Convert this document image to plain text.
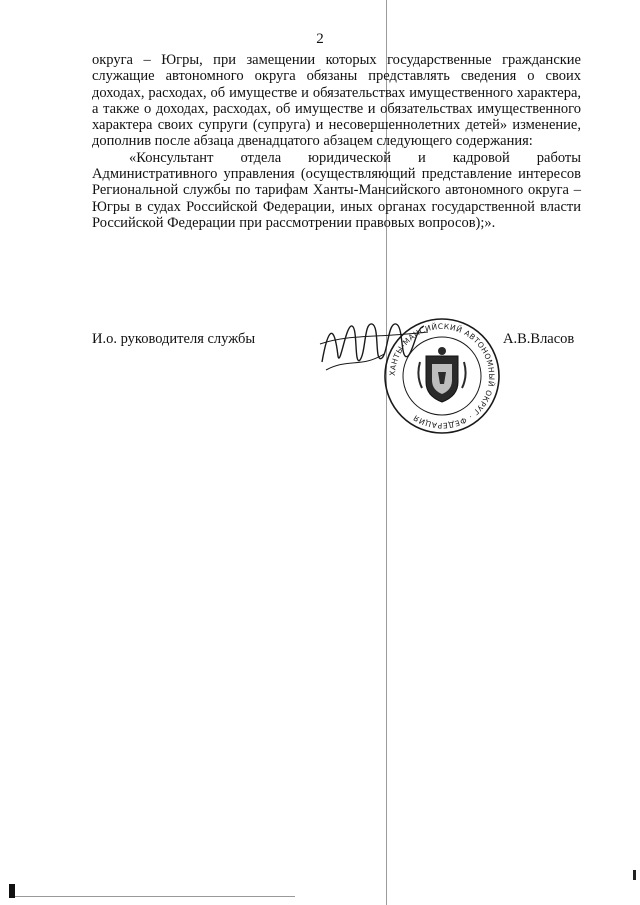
2

округа – Югры, при замещении которых государственные гражданские служащие автономного округа обязаны представлять сведения о своих доходах, расходах, об имуществе и обязательствах имущественного характера, а также о доходах, расходах, об имуществе и обязательствах имущественного характера своих супруги (супруга) и несовершеннолетних детей» изменение, дополнив после абзаца двенадцатого абзацем следующего содержания:

«Консультант отдела юридической и кадровой работы Административного управления (осуществляющий представление интересов Региональной службы по тарифам Ханты-Мансийского автономного округа – Югры в судах Российской Федерации, иных органах государственной власти Российской Федерации при рассмотрении правовых вопросов);».

И.о. руководителя службы
ХАНТЫ-МАНСИЙСКИЙ АВТОНОМНЫЙ ОКРУГ · ФЕДЕРАЦИЯ
А.В.Власов
